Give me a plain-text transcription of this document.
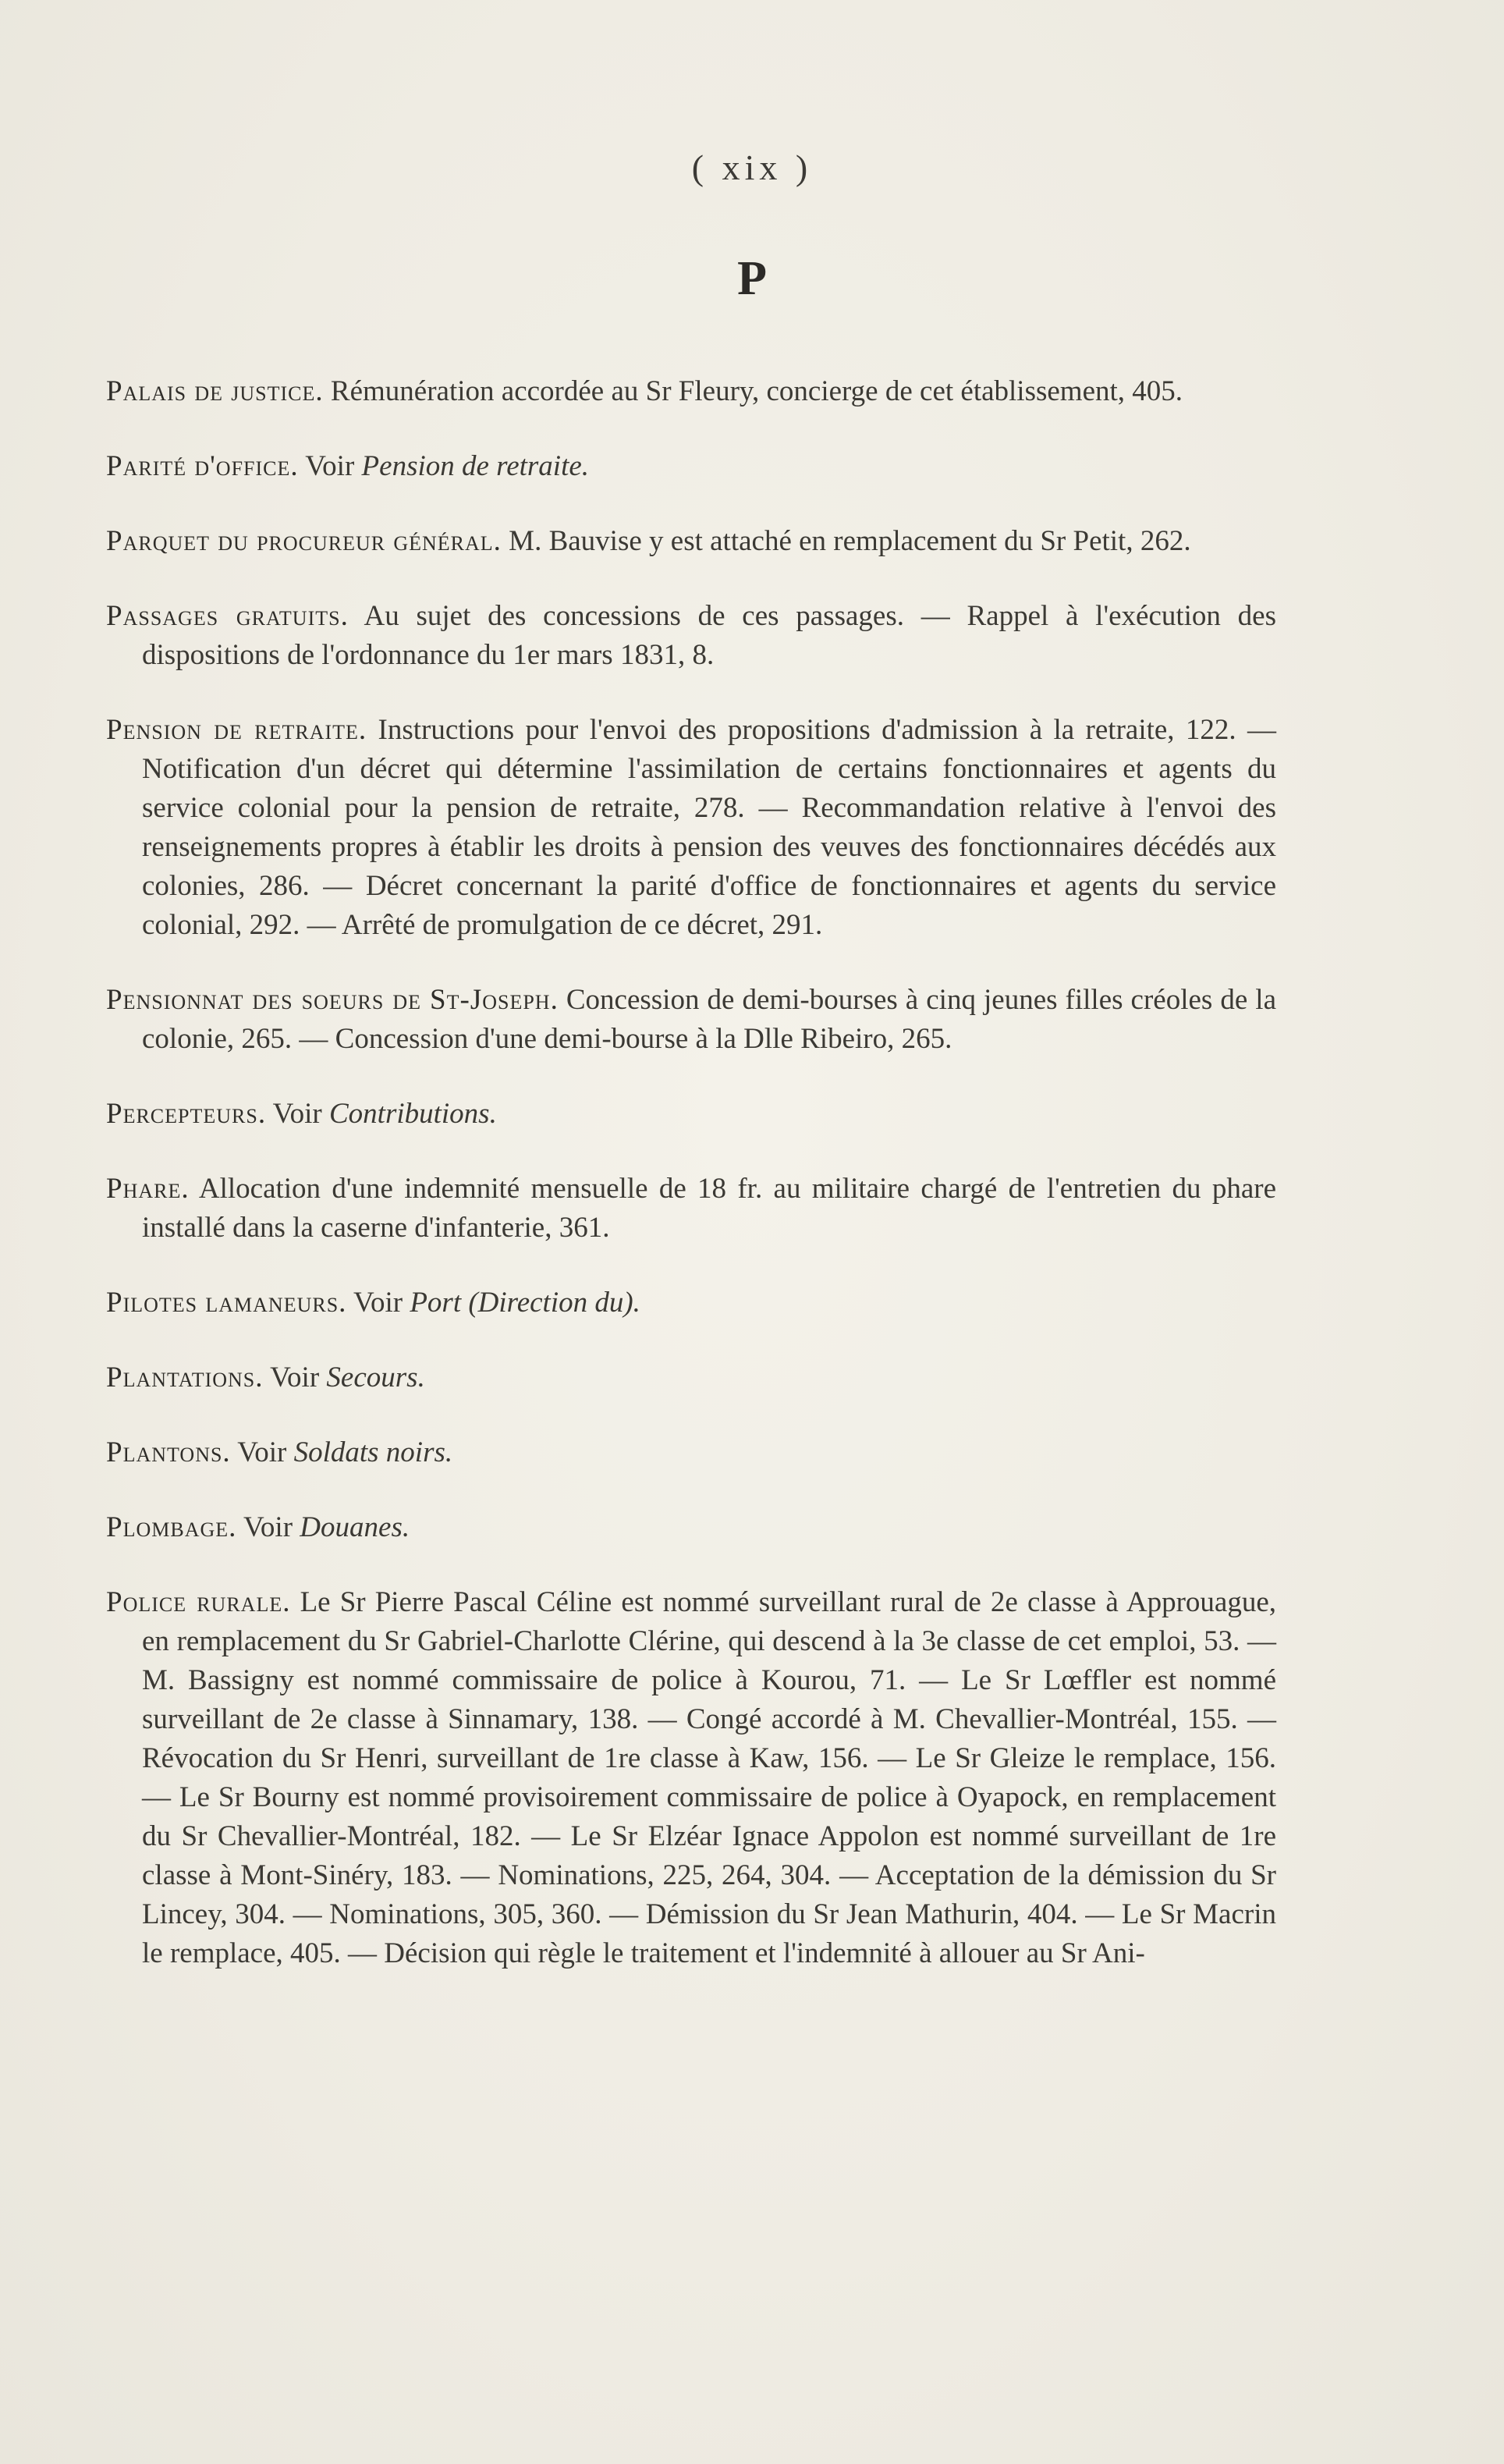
( xix )
P

Palais de justice. Rémunération accordée au Sr Fleury, concierge de cet établissement, 405.

Parité d'office. Voir Pension de retraite.

Parquet du procureur général. M. Bauvise y est attaché en remplacement du Sr Petit, 262.

Passages gratuits. Au sujet des concessions de ces passages. — Rappel à l'exécution des dispositions de l'ordonnance du 1er mars 1831, 8.

Pension de retraite. Instructions pour l'envoi des propositions d'admission à la retraite, 122. — Notification d'un décret qui détermine l'assimilation de certains fonctionnaires et agents du service colonial pour la pension de retraite, 278. — Recommandation relative à l'envoi des renseignements propres à établir les droits à pension des veuves des fonctionnaires décédés aux colonies, 286. — Décret concernant la parité d'office de fonctionnaires et agents du service colonial, 292. — Arrêté de promulgation de ce décret, 291.

Pensionnat des soeurs de St-Joseph. Concession de demi-bourses à cinq jeunes filles créoles de la colonie, 265. — Concession d'une demi-bourse à la Dlle Ribeiro, 265.

Percepteurs. Voir Contributions.

Phare. Allocation d'une indemnité mensuelle de 18 fr. au militaire chargé de l'entretien du phare installé dans la caserne d'infanterie, 361.

Pilotes lamaneurs. Voir Port (Direction du).

Plantations. Voir Secours.

Plantons. Voir Soldats noirs.

Plombage. Voir Douanes.

Police rurale. Le Sr Pierre Pascal Céline est nommé surveillant rural de 2e classe à Approuague, en remplacement du Sr Gabriel-Charlotte Clérine, qui descend à la 3e classe de cet emploi, 53. — M. Bassigny est nommé commissaire de police à Kourou, 71. — Le Sr Lœffler est nommé surveillant de 2e classe à Sinnamary, 138. — Congé accordé à M. Chevallier-Montréal, 155. — Révocation du Sr Henri, surveillant de 1re classe à Kaw, 156. — Le Sr Gleize le remplace, 156. — Le Sr Bourny est nommé provisoirement commissaire de police à Oyapock, en remplacement du Sr Chevallier-Montréal, 182. — Le Sr Elzéar Ignace Appolon est nommé surveillant de 1re classe à Mont-Sinéry, 183. — Nominations, 225, 264, 304. — Acceptation de la démission du Sr Lincey, 304. — Nominations, 305, 360. — Démission du Sr Jean Mathurin, 404. — Le Sr Macrin le remplace, 405. — Décision qui règle le traitement et l'indemnité à allouer au Sr Ani-
